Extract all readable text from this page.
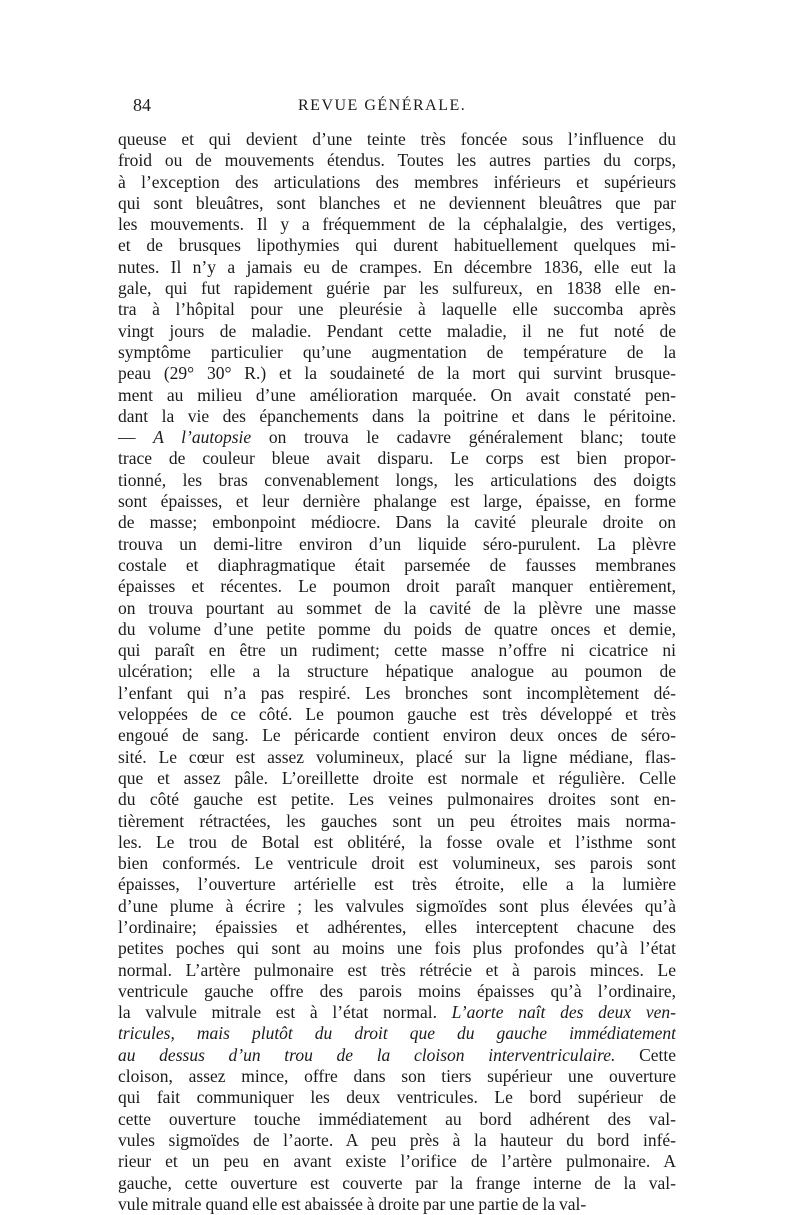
84	REVUE GÉNÉRALE.
queuse et qui devient d’une teinte très foncée sous l’influence du
froid ou de mouvements étendus. Toutes les autres parties du corps,
à l’exception des articulations des membres inférieurs et supérieurs
qui sont bleuâtres, sont blanches et ne deviennent bleuâtres que par
les mouvements. Il y a fréquemment de la céphalalgie, des vertiges,
et de brusques lipothymies qui durent habituellement quelques mi-
nutes. Il n’y a jamais eu de crampes. En décembre 1836, elle eut la
gale, qui fut rapidement guérie par les sulfureux, en 1838 elle en-
tra à l’hôpital pour une pleurésie à laquelle elle succomba après
vingt jours de maladie. Pendant cette maladie, il ne fut noté de
symptôme particulier qu’une augmentation de température de la
peau (29° 30° R.) et la soudaineté de la mort qui survint brusque-
ment au milieu d’une amélioration marquée. On avait constaté pen-
dant la vie des épanchements dans la poitrine et dans le péritoine.
— A l’autopsie on trouva le cadavre généralement blanc; toute
trace de couleur bleue avait disparu. Le corps est bien propor-
tionné, les bras convenablement longs, les articulations des doigts
sont épaisses, et leur dernière phalange est large, épaisse, en forme
de masse; embonpoint médiocre. Dans la cavité pleurale droite on
trouva un demi-litre environ d’un liquide séro-purulent. La plèvre
costale et diaphragmatique était parsemée de fausses membranes
épaisses et récentes. Le poumon droit paraît manquer entièrement,
on trouva pourtant au sommet de la cavité de la plèvre une masse
du volume d’une petite pomme du poids de quatre onces et demie,
qui paraît en être un rudiment; cette masse n’offre ni cicatrice ni
ulcération; elle a la structure hépatique analogue au poumon de
l’enfant qui n’a pas respiré. Les bronches sont incomplètement dé-
veloppées de ce côté. Le poumon gauche est très développé et très
engoué de sang. Le péricarde contient environ deux onces de séro-
sité. Le cœur est assez volumineux, placé sur la ligne médiane, flas-
que et assez pâle. L’oreillette droite est normale et régulière. Celle
du côté gauche est petite. Les veines pulmonaires droites sont en-
tièrement rétractées, les gauches sont un peu étroites mais norma-
les. Le trou de Botal est oblitéré, la fosse ovale et l’isthme sont
bien conformés. Le ventricule droit est volumineux, ses parois sont
épaisses, l’ouverture artérielle est très étroite, elle a la lumière
d’une plume à écrire ; les valvules sigmoïdes sont plus élevées qu’à
l’ordinaire; épaissies et adhérentes, elles interceptent chacune des
petites poches qui sont au moins une fois plus profondes qu’à l’état
normal. L’artère pulmonaire est très rétrécie et à parois minces. Le
ventricule gauche offre des parois moins épaisses qu’à l’ordinaire,
la valvule mitrale est à l’état normal. L’aorte naît des deux ven-
tricules, mais plutôt du droit que du gauche immédiatement
au dessus d’un trou de la cloison interventriculaire. Cette
cloison, assez mince, offre dans son tiers supérieur une ouverture
qui fait communiquer les deux ventricules. Le bord supérieur de
cette ouverture touche immédiatement au bord adhérent des val-
vules sigmoïdes de l’aorte. A peu près à la hauteur du bord infé-
rieur et un peu en avant existe l’orifice de l’artère pulmonaire. A
gauche, cette ouverture est couverte par la frange interne de la val-
vule mitrale quand elle est abaissée à droite par une partie de la val-
